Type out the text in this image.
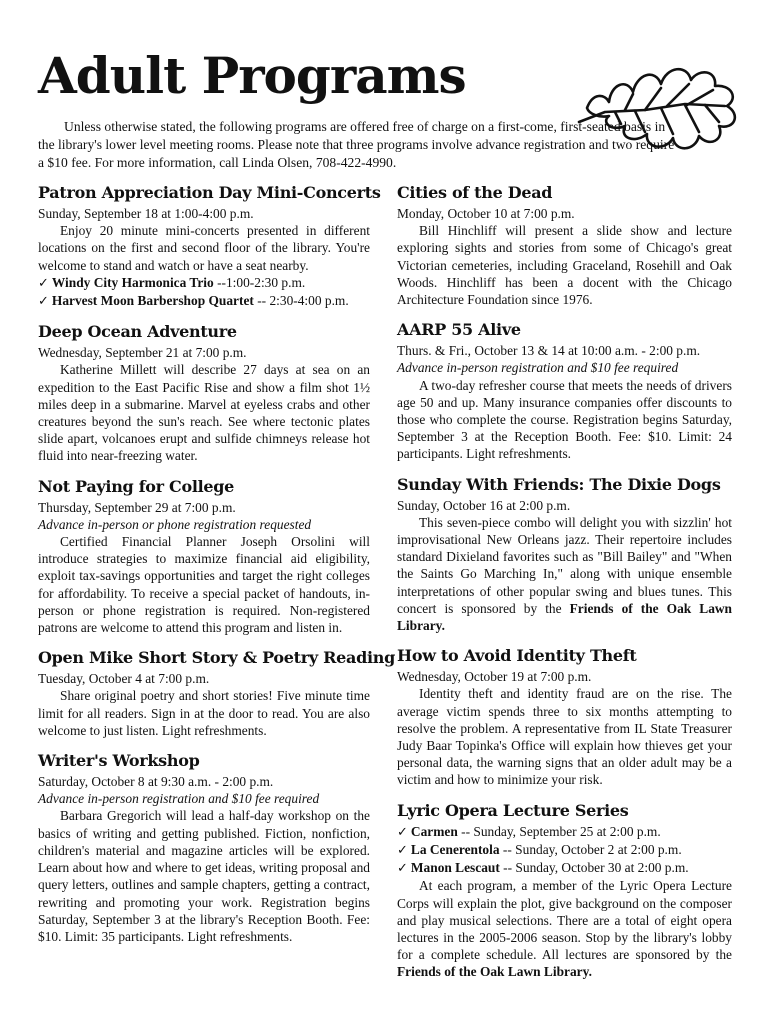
Adult Programs

Unless otherwise stated, the following programs are offered free of charge on a first-come, first-seated basis in the library's lower level meeting rooms. Please note that three programs involve advance registration and two require a $10 fee. For more information, call Linda Olsen, 708-422-4990.

Patron Appreciation Day Mini-Concerts

Sunday, September 18 at 1:00-4:00 p.m.

Enjoy 20 minute mini-concerts presented in different locations on the first and second floor of the library. You're welcome to stand and watch or have a seat nearby.

✓ Windy City Harmonica Trio --1:00-2:30 p.m.

✓ Harvest Moon Barbershop Quartet -- 2:30-4:00 p.m.

Deep Ocean Adventure

Wednesday, September 21 at 7:00 p.m.

Katherine Millett will describe 27 days at sea on an expedition to the East Pacific Rise and show a film shot 1½ miles deep in a submarine. Marvel at eyeless crabs and other creatures beyond the sun's reach. See where tectonic plates slide apart, volcanoes erupt and sulfide chimneys release hot fluid into near-freezing water.

Not Paying for College

Thursday, September 29 at 7:00 p.m.

Advance in-person or phone registration requested

Certified Financial Planner Joseph Orsolini will introduce strategies to maximize financial aid eligibility, exploit tax-savings opportunities and target the right colleges for affordability. To receive a special packet of handouts, in-person or phone registration is required. Non-registered patrons are welcome to attend this program and listen in.

Open Mike Short Story & Poetry Reading

Tuesday, October 4 at 7:00 p.m.

Share original poetry and short stories! Five minute time limit for all readers. Sign in at the door to read. You are also welcome to just listen. Light refreshments.

Writer's Workshop

Saturday, October 8 at 9:30 a.m. - 2:00 p.m.

Advance in-person registration and $10 fee required

Barbara Gregorich will lead a half-day workshop on the basics of writing and getting published. Fiction, nonfiction, children's material and magazine articles will be explored. Learn about how and where to get ideas, writing proposal and query letters, outlines and sample chapters, getting a contract, rewriting and promoting your work. Registration begins Saturday, September 3 at the library's Reception Booth. Fee: $10. Limit: 35 participants. Light refreshments.

Cities of the Dead

Monday, October 10 at 7:00 p.m.

Bill Hinchliff will present a slide show and lecture exploring sights and stories from some of Chicago's great Victorian cemeteries, including Graceland, Rosehill and Oak Woods. Hinchliff has been a docent with the Chicago Architecture Foundation since 1976.

AARP 55 Alive

Thurs. & Fri., October 13 & 14 at 10:00 a.m. - 2:00 p.m.

Advance in-person registration and $10 fee required

A two-day refresher course that meets the needs of drivers age 50 and up. Many insurance companies offer discounts to those who complete the course. Registration begins Saturday, September 3 at the Reception Booth. Fee: $10. Limit: 24 participants. Light refreshments.

Sunday With Friends: The Dixie Dogs

Sunday, October 16 at 2:00 p.m.

This seven-piece combo will delight you with sizzlin' hot improvisational New Orleans jazz. Their repertoire includes standard Dixieland favorites such as "Bill Bailey" and "When the Saints Go Marching In," along with unique ensemble interpretations of other popular swing and blues tunes. This concert is sponsored by the Friends of the Oak Lawn Library.

How to Avoid Identity Theft

Wednesday, October 19 at 7:00 p.m.

Identity theft and identity fraud are on the rise. The average victim spends three to six months attempting to resolve the problem. A representative from IL State Treasurer Judy Baar Topinka's Office will explain how thieves get your personal data, the warning signs that an older adult may be a victim and how to minimize your risk.

Lyric Opera Lecture Series

✓ Carmen -- Sunday, September 25 at 2:00 p.m.

✓ La Cenerentola -- Sunday, October 2 at 2:00 p.m.

✓ Manon Lescaut -- Sunday, October 30 at 2:00 p.m.

At each program, a member of the Lyric Opera Lecture Corps will explain the plot, give background on the composer and play musical selections. There are a total of eight opera lectures in the 2005-2006 season. Stop by the library's lobby for a complete schedule. All lectures are sponsored by the Friends of the Oak Lawn Library.
